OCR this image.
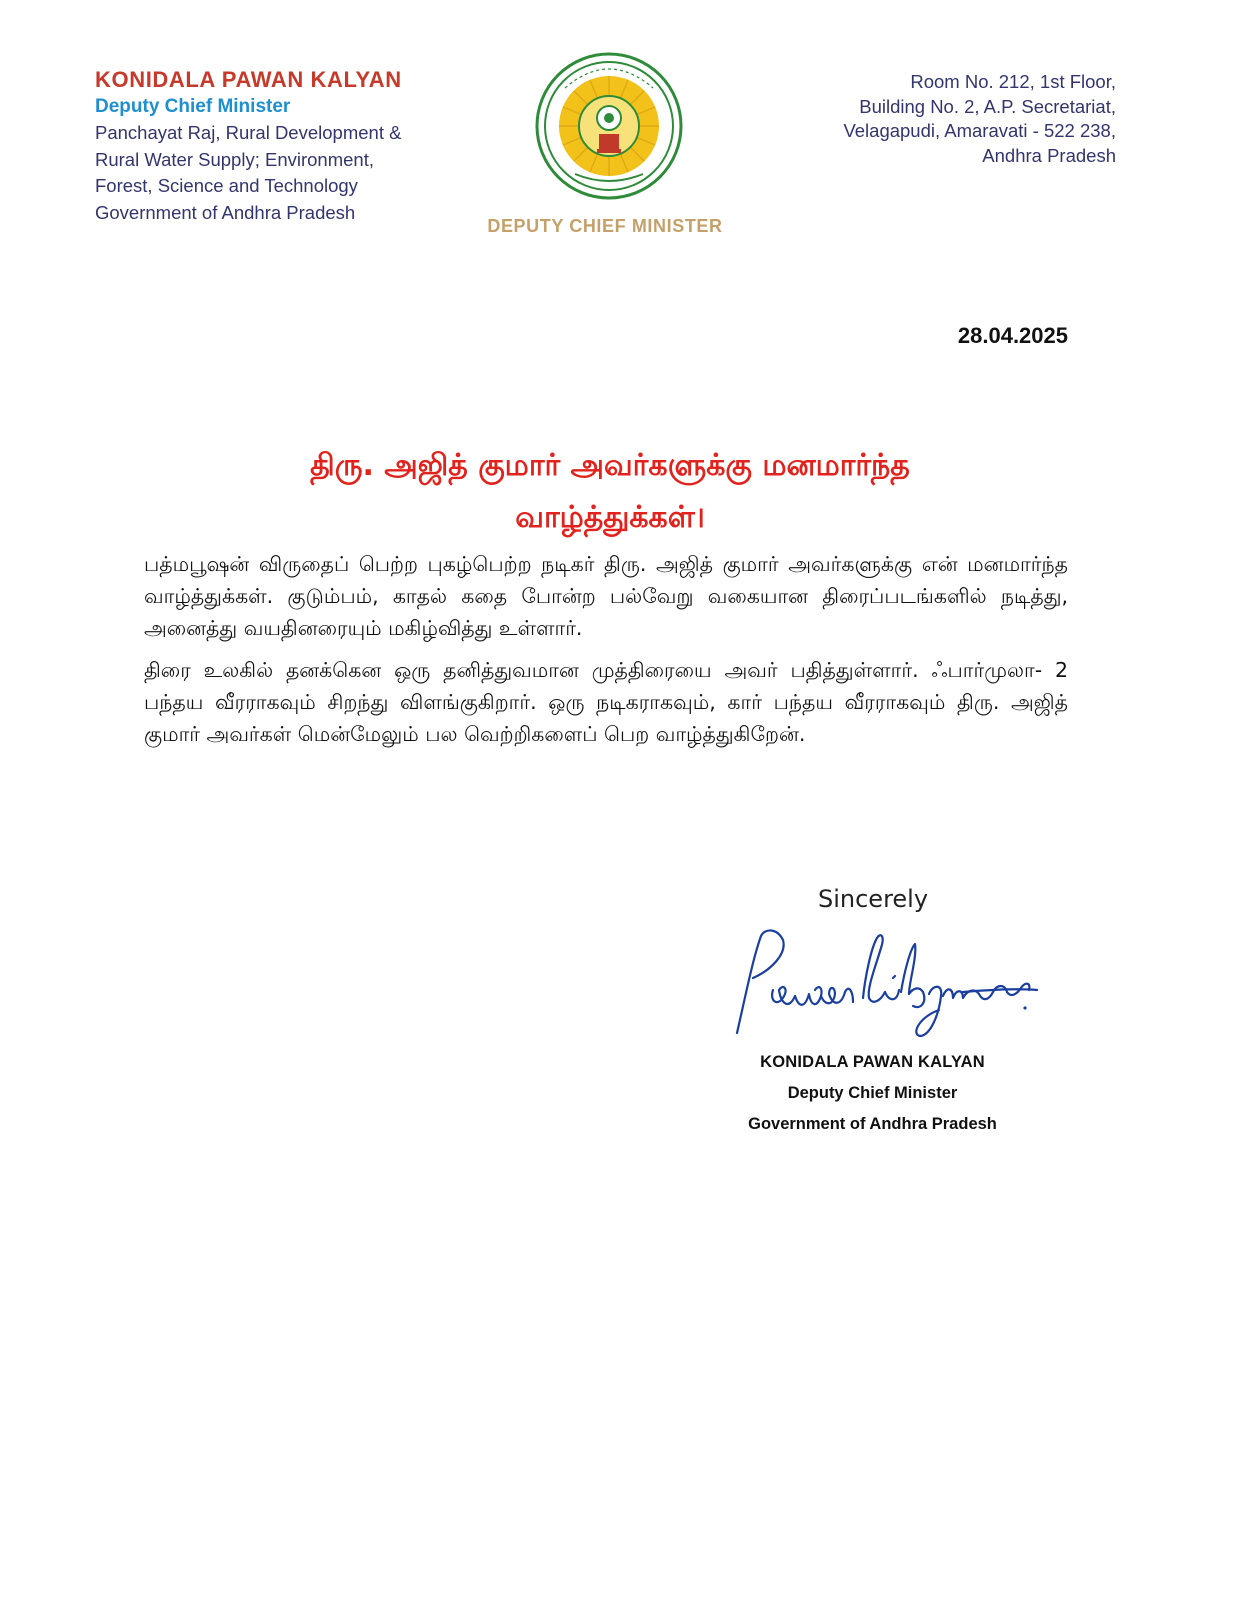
KONIDALA PAWAN KALYAN
Deputy Chief Minister
Panchayat Raj, Rural Development &
Rural Water Supply; Environment,
Forest, Science and Technology
Government of Andhra Pradesh
DEPUTY CHIEF MINISTER
Room No. 212, 1st Floor,
Building No. 2, A.P. Secretariat,
Velagapudi, Amaravati - 522 238,
Andhra Pradesh
28.04.2025
திரு. அஜித் குமார் அவர்களுக்கு மனமார்ந்த
வாழ்த்துக்கள்।

பத்மபூஷன் விருதைப் பெற்ற புகழ்பெற்ற நடிகர் திரு. அஜித் குமார் அவர்களுக்கு என் மனமார்ந்த வாழ்த்துக்கள். குடும்பம், காதல் கதை போன்ற பல்வேறு வகையான திரைப்படங்களில் நடித்து, அனைத்து வயதினரையும் மகிழ்வித்து உள்ளார்.

திரை உலகில் தனக்கென ஒரு தனித்துவமான முத்திரையை அவர் பதித்துள்ளார். ஃபார்முலா- 2 பந்தய வீரராகவும் சிறந்து விளங்குகிறார். ஒரு நடிகராகவும், கார் பந்தய வீரராகவும் திரு. அஜித் குமார் அவர்கள் மென்மேலும் பல வெற்றிகளைப் பெற வாழ்த்துகிறேன்.

Sincerely
KONIDALA PAWAN KALYAN
Deputy Chief Minister
Government of Andhra Pradesh
